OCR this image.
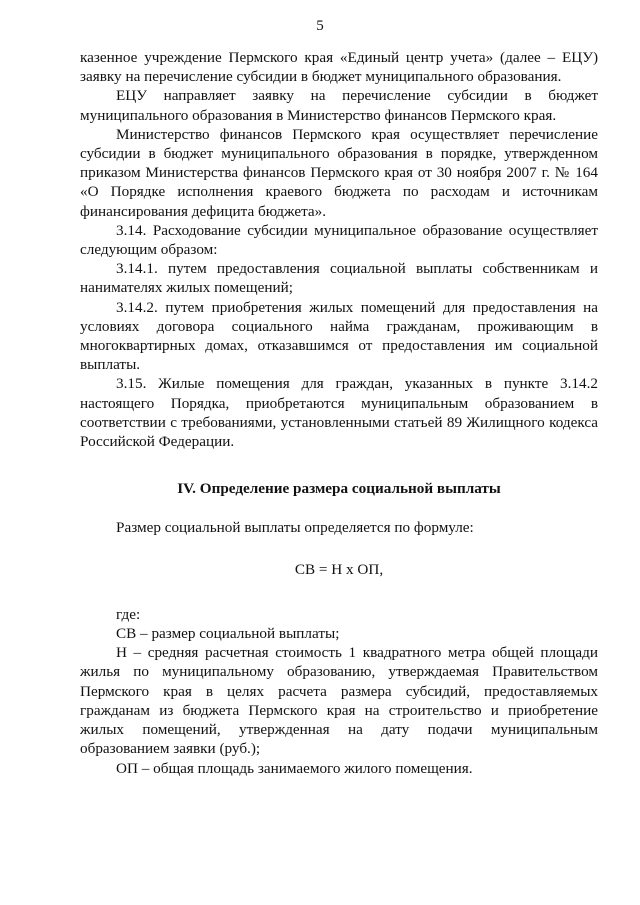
5

казенное учреждение Пермского края «Единый центр учета» (далее – ЕЦУ) заявку на перечисление субсидии в бюджет муниципального образования.

ЕЦУ направляет заявку на перечисление субсидии в бюджет муниципального образования в Министерство финансов Пермского края.

Министерство финансов Пермского края осуществляет перечисление субсидии в бюджет муниципального образования в порядке, утвержденном приказом Министерства финансов Пермского края от 30 ноября 2007 г. № 164 «О Порядке исполнения краевого бюджета по расходам и источникам финансирования дефицита бюджета».

3.14. Расходование субсидии муниципальное образование осуществляет следующим образом:

3.14.1. путем предоставления социальной выплаты собственникам и нанимателях жилых помещений;

3.14.2. путем приобретения жилых помещений для предоставления на условиях договора социального найма гражданам, проживающим в многоквартирных домах, отказавшимся от предоставления им социальной выплаты.

3.15. Жилые помещения для граждан, указанных в пункте 3.14.2 настоящего Порядка, приобретаются муниципальным образованием в соответствии с требованиями, установленными статьей 89 Жилищного кодекса Российской Федерации.

IV. Определение размера социальной выплаты

Размер социальной выплаты определяется по формуле:

СВ = Н х ОП,

где:

СВ – размер социальной выплаты;

Н – средняя расчетная стоимость 1 квадратного метра общей площади жилья по муниципальному образованию, утверждаемая Правительством Пермского края в целях расчета размера субсидий, предоставляемых гражданам из бюджета Пермского края на строительство и приобретение жилых помещений, утвержденная на дату подачи муниципальным образованием заявки (руб.);

ОП – общая площадь занимаемого жилого помещения.
